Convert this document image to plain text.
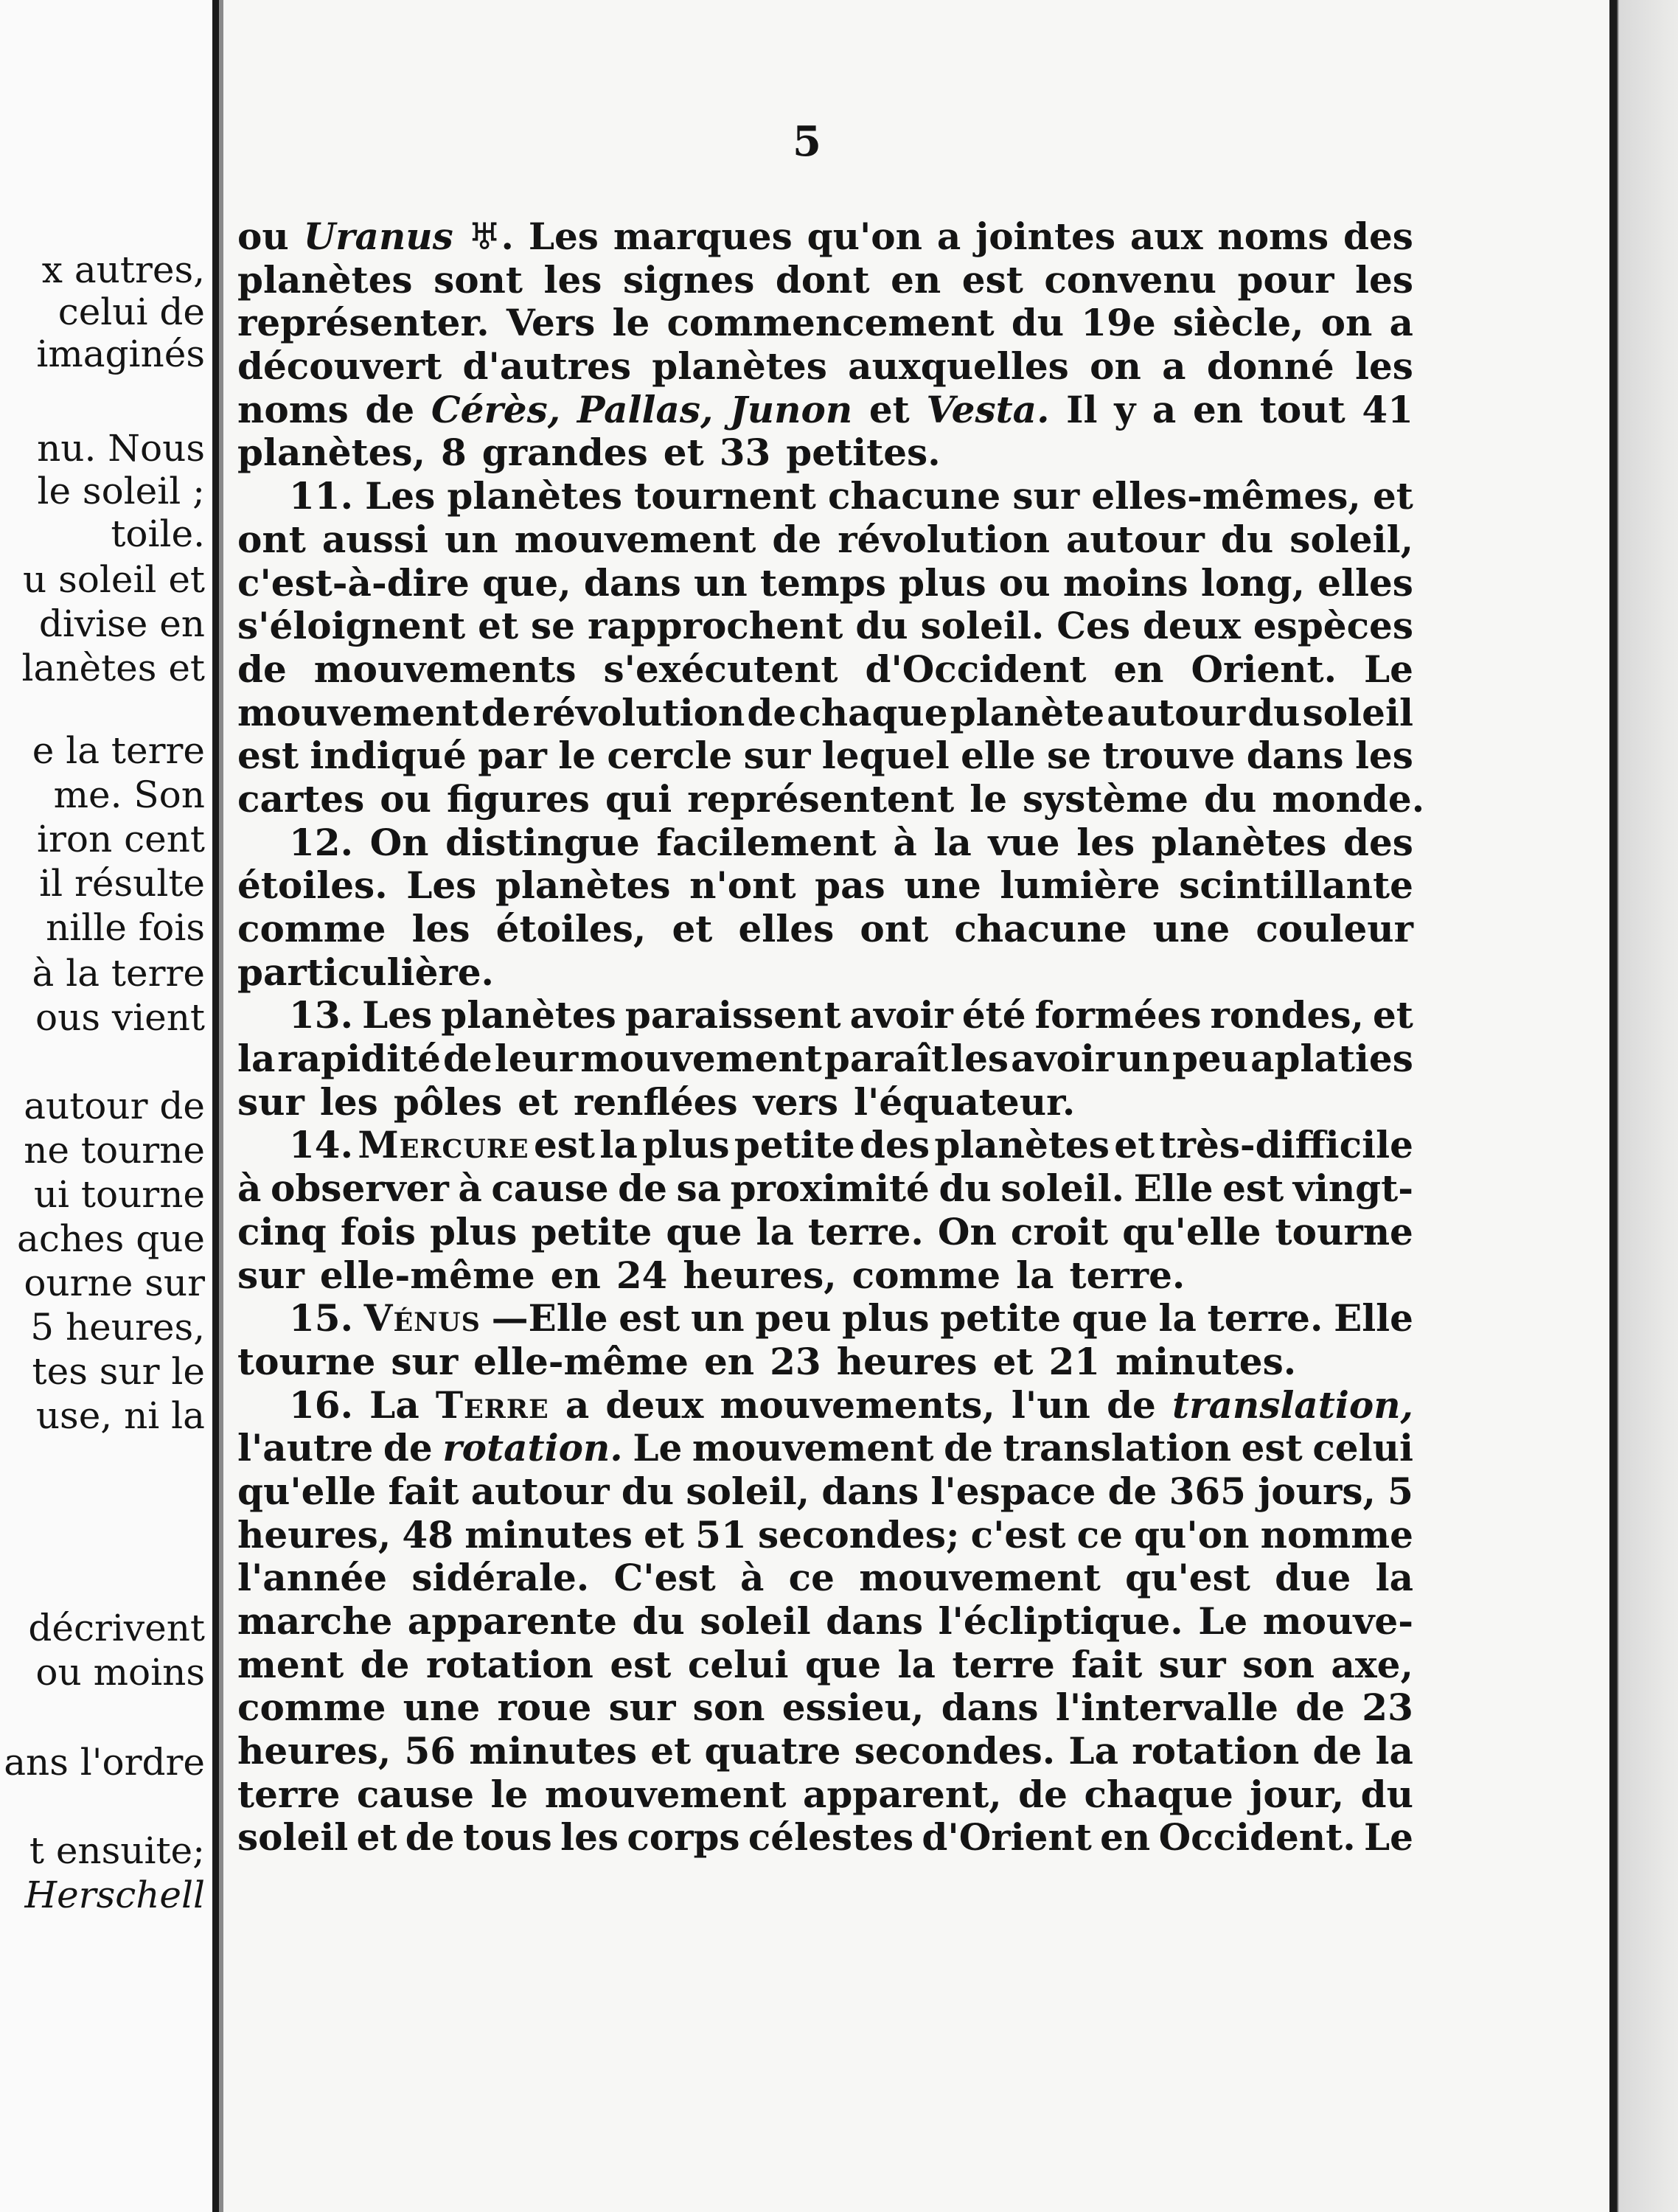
x autres,
celui de
imaginés
nu. Nous
le soleil ;
toile.
u soleil et
divise en
lanètes et
e la terre
me. Son
iron cent
il résulte
nille fois
à la terre
ous vient
autour de
ne tourne
ui tourne
aches que
ourne sur
5 heures,
tes sur le
use, ni la
décrivent
ou moins
ans l'ordre
t ensuite;
Herschell
5
ou Uranus ♅. Les marques qu'on a jointes aux noms des
planètes sont les signes dont en est convenu pour les
représenter. Vers le commencement du 19e siècle, on a
découvert d'autres planètes auxquelles on a donné les
noms de Cérès, Pallas, Junon et Vesta. Il y a en tout 41
planètes, 8 grandes et 33 petites.
11. Les planètes tournent chacune sur elles-mêmes, et
ont aussi un mouvement de révolution autour du soleil,
c'est-à-dire que, dans un temps plus ou moins long, elles
s'éloignent et se rapprochent du soleil. Ces deux espèces
de mouvements s'exécutent d'Occident en Orient. Le
mouvement de révolution de chaque planète autour du soleil
est indiqué par le cercle sur lequel elle se trouve dans les
cartes ou figures qui représentent le système du monde.
12. On distingue facilement à la vue les planètes des
étoiles. Les planètes n'ont pas une lumière scintillante
comme les étoiles, et elles ont chacune une couleur
particulière.
13. Les planètes paraissent avoir été formées rondes, et
la rapidité de leur mouvement paraît les avoir un peu aplaties
sur les pôles et renflées vers l'équateur.
14. Mercure est la plus petite des planètes et très-difficile
à observer à cause de sa proximité du soleil. Elle est vingt-
cinq fois plus petite que la terre. On croit qu'elle tourne
sur elle-même en 24 heures, comme la terre.
15. Vénus —Elle est un peu plus petite que la terre. Elle
tourne sur elle-même en 23 heures et 21 minutes.
16. La Terre a deux mouvements, l'un de translation,
l'autre de rotation. Le mouvement de translation est celui
qu'elle fait autour du soleil, dans l'espace de 365 jours, 5
heures, 48 minutes et 51 secondes; c'est ce qu'on nomme
l'année sidérale. C'est à ce mouvement qu'est due la
marche apparente du soleil dans l'écliptique. Le mouve-
ment de rotation est celui que la terre fait sur son axe,
comme une roue sur son essieu, dans l'intervalle de 23
heures, 56 minutes et quatre secondes. La rotation de la
terre cause le mouvement apparent, de chaque jour, du
soleil et de tous les corps célestes d'Orient en Occident. Le
